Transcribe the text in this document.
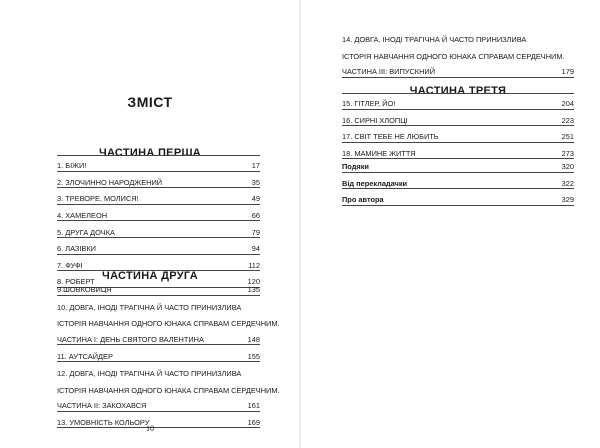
ЗМІСТ
ЧАСТИНА ПЕРША
1. БІЖИ!	17
2. ЗЛОЧИННО НАРОДЖЕНИЙ	35
3. ТРЕВОРЕ, МОЛИСЯ!	49
4. ХАМЕЛЕОН	66
5. ДРУГА ДОЧКА	79
6. ЛАЗІВКИ	94
7. ФУФІ	112
8. РОБЕРТ	120
ЧАСТИНА ДРУГА
9.ШОВКОВИЦЯ	135
10. ДОВГА, ІНОДІ ТРАГІЧНА Й ЧАСТО ПРИНИЗЛИВА
ІСТОРІЯ НАВЧАННЯ ОДНОГО ЮНАКА СПРАВАМ СЕРДЕЧНИМ.
ЧАСТИНА І: ДЕНЬ СВЯТОГО ВАЛЕНТИНА	148
11. АУТСАЙДЕР	155
12. ДОВГА, ІНОДІ ТРАГІЧНА Й ЧАСТО ПРИНИЗЛИВА
ІСТОРІЯ НАВЧАННЯ ОДНОГО ЮНАКА СПРАВАМ СЕРДЕЧНИМ.
ЧАСТИНА ІІ: ЗАКОХАВСЯ	161
13. УМОВНІСТЬ КОЛЬОРУ	169
10
14. ДОВГА, ІНОДІ ТРАГІЧНА Й ЧАСТО ПРИНИЗЛИВА
ІСТОРІЯ НАВЧАННЯ ОДНОГО ЮНАКА СПРАВАМ СЕРДЕЧНИМ.
ЧАСТИНА ІІІ: ВИПУСКНИЙ	179
ЧАСТИНА ТРЕТЯ
15. ГІТЛЕР, ЙО!	204
16. СИРНІ ХЛОПЦІ	223
17. СВІТ ТЕБЕ НЕ ЛЮБИТЬ	251
18. МАМИНЕ ЖИТТЯ	273
Подяки	320
Від перекладачки	322
Про автора	329
